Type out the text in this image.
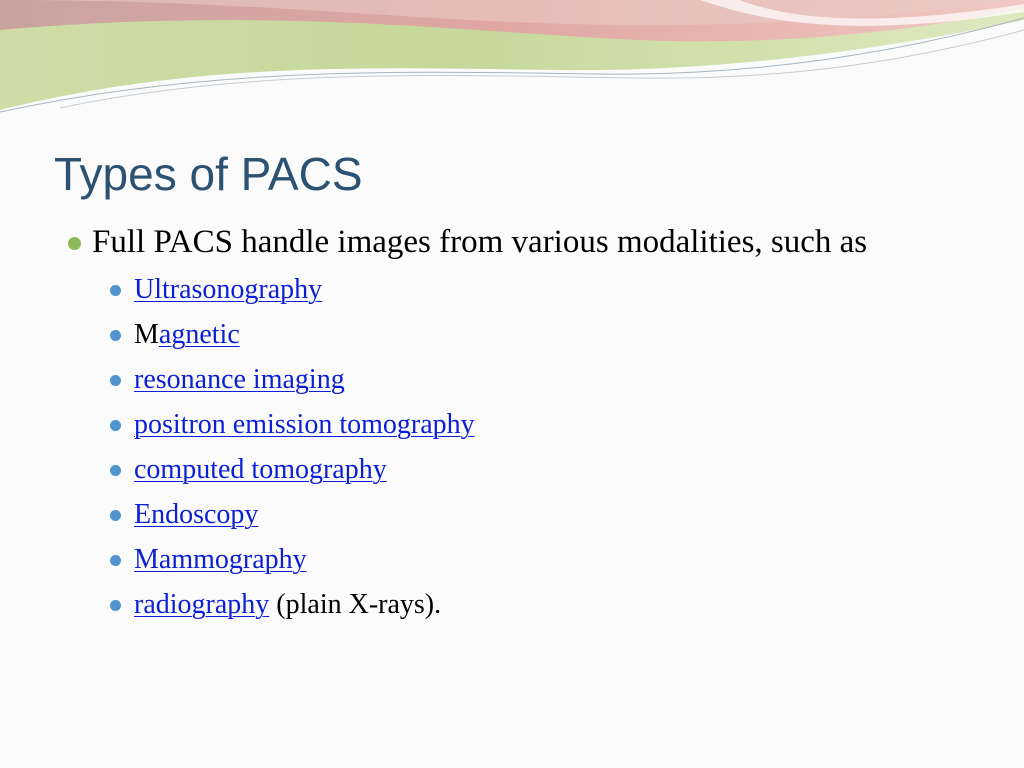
Types of PACS
Full PACS handle images from various modalities, such as
Ultrasonography
Magnetic
resonance imaging
positron emission tomography
computed tomography
Endoscopy
Mammography
radiography (plain X-rays).
